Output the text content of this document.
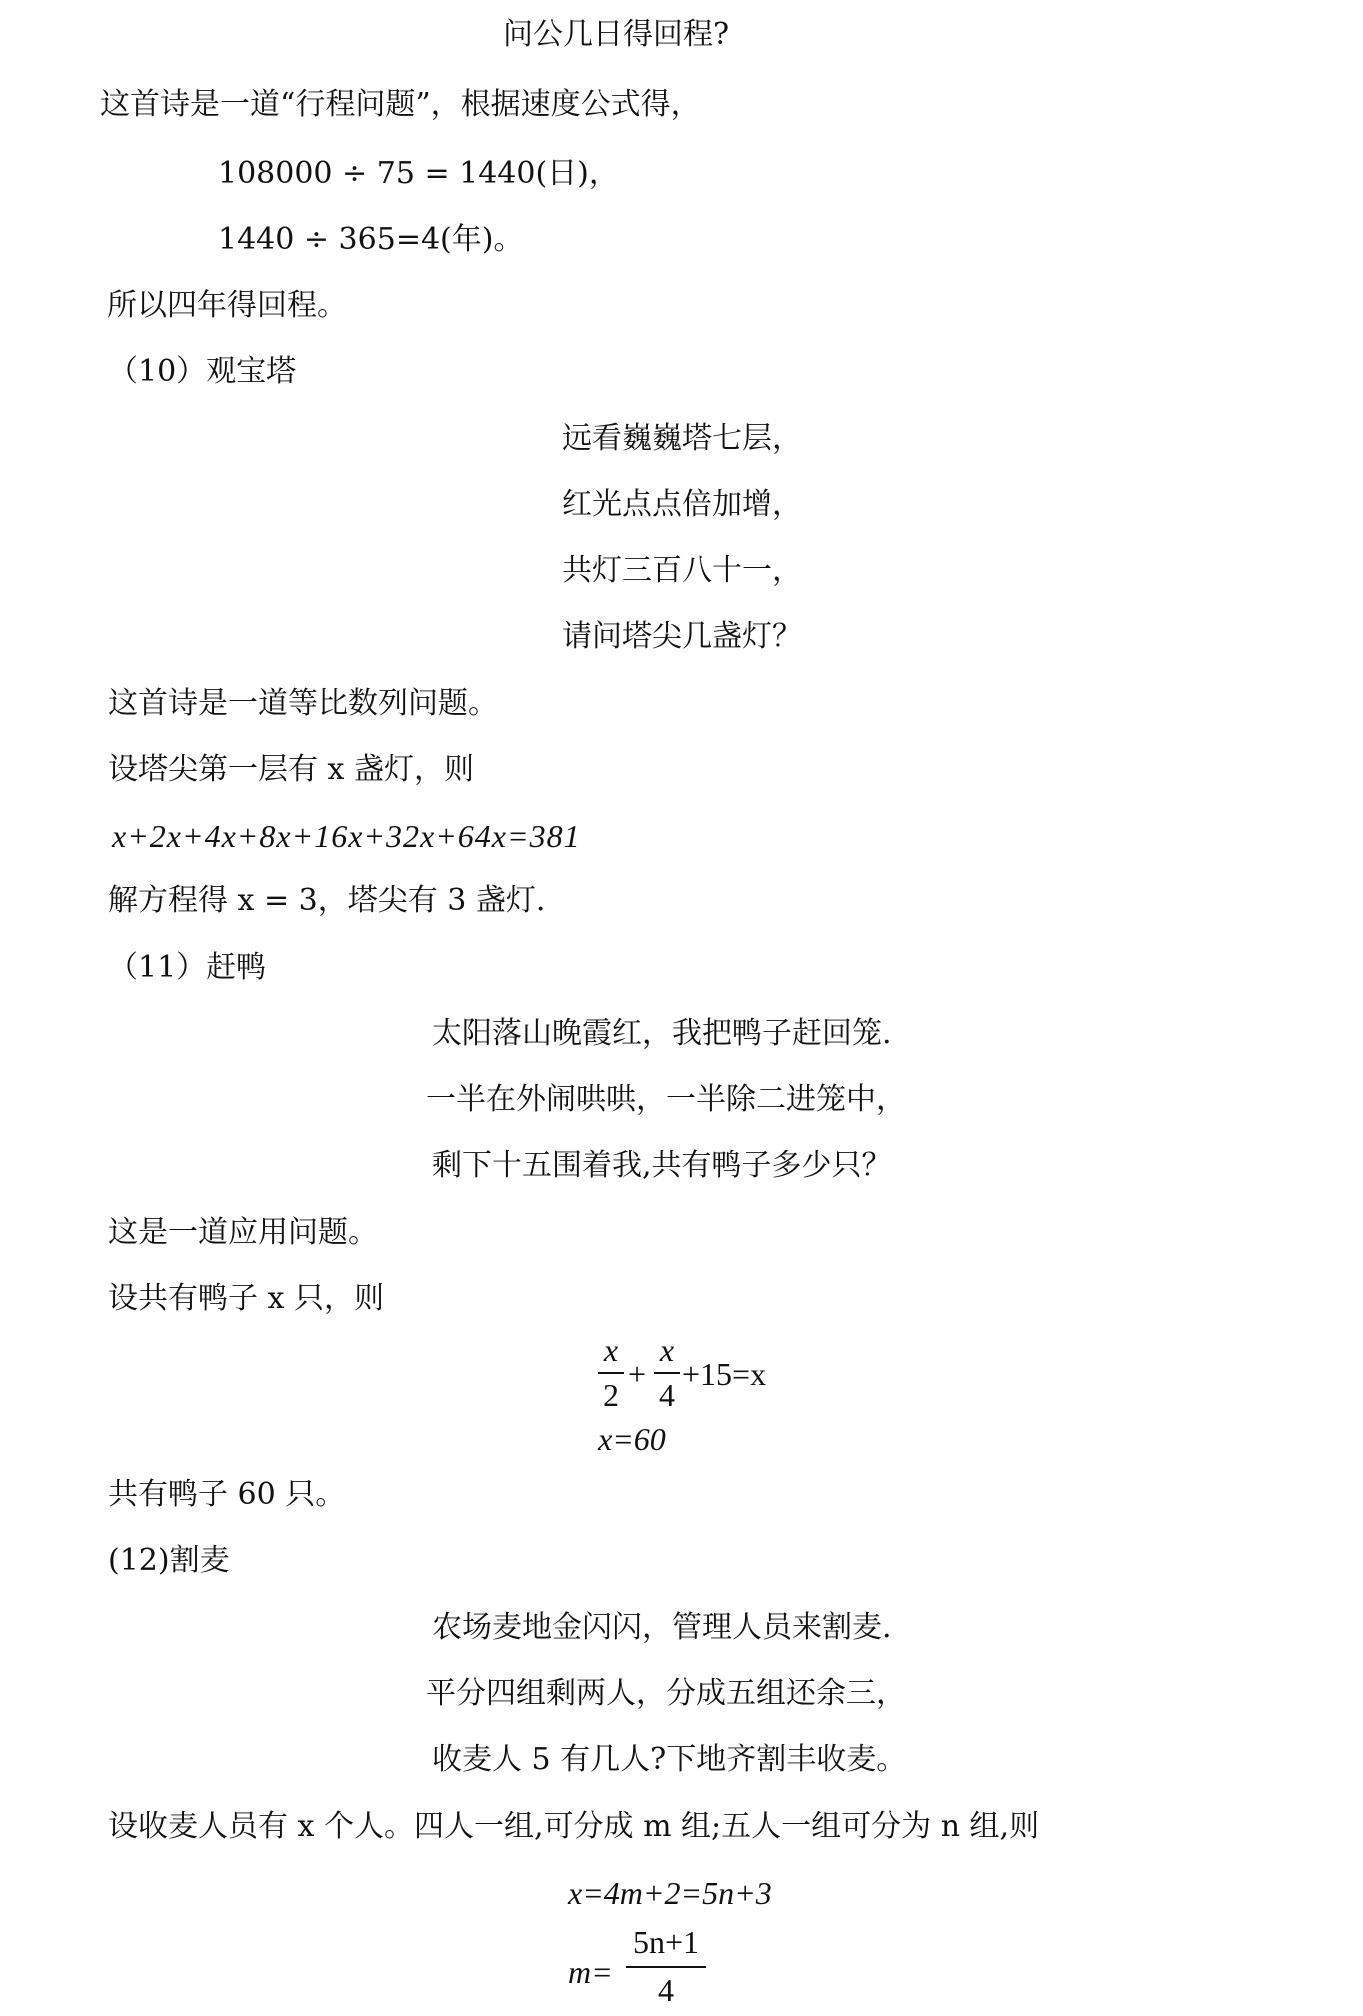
问公几日得回程?
这首诗是一道“行程问题”，根据速度公式得，
108000 ÷ 75 = 1440(日)，
1440 ÷ 365=4(年)。
所以四年得回程。
（10）观宝塔
远看巍巍塔七层，
红光点点倍加增，
共灯三百八十一，
请问塔尖几盏灯？
这首诗是一道等比数列问题。
设塔尖第一层有 x 盏灯，则
x+2x+4x+8x+16x+32x+64x=381
解方程得 x = 3，塔尖有 3 盏灯.
（11）赶鸭
太阳落山晚霞红，我把鸭子赶回笼.
一半在外闹哄哄，一半除二进笼中，
剩下十五围着我,共有鸭子多少只？
这是一道应用问题。
设共有鸭子 x 只，则
x
2
+
x
4
+15=x
x=60
共有鸭子 60 只。
(12)割麦
农场麦地金闪闪，管理人员来割麦.
平分四组剩两人，分成五组还余三，
收麦人 5 有几人?下地齐割丰收麦。
设收麦人员有 x 个人。四人一组,可分成 m 组;五人一组可分为 n 组,则
x=4m+2=5n+3
m=
5n+1
4
